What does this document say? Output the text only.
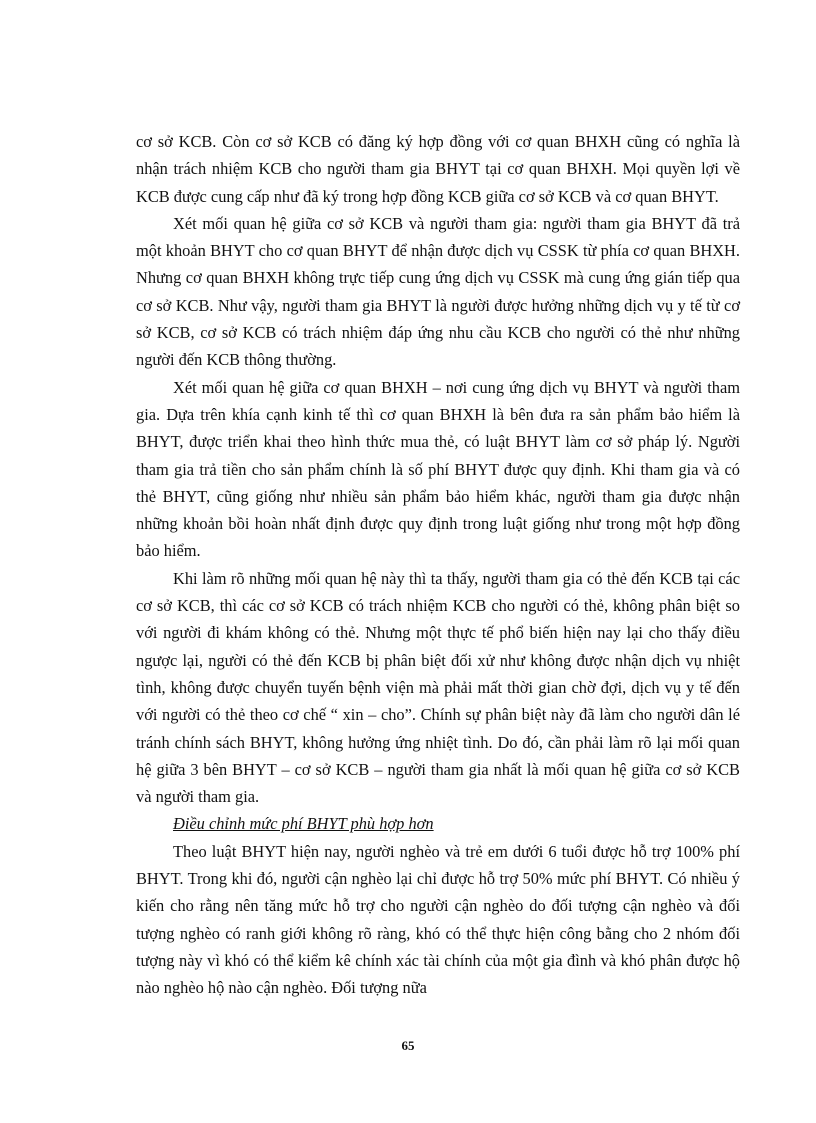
cơ sở KCB. Còn cơ sở KCB có đăng ký hợp đồng với cơ quan BHXH cũng có nghĩa là nhận trách nhiệm KCB cho người tham gia BHYT tại cơ quan BHXH. Mọi quyền lợi về KCB được cung cấp như đã ký trong hợp đồng KCB giữa cơ sở KCB và cơ quan BHYT.

Xét mối quan hệ giữa cơ sở KCB và người tham gia: người tham gia BHYT đã trả một khoản BHYT cho cơ quan BHYT để nhận được dịch vụ CSSK từ phía cơ quan BHXH. Nhưng cơ quan BHXH không trực tiếp cung ứng dịch vụ CSSK mà cung ứng gián tiếp qua cơ sở KCB. Như vậy, người tham gia BHYT là người được hưởng những dịch vụ y tế từ cơ sở KCB, cơ sở KCB có trách nhiệm đáp ứng nhu cầu KCB cho người có thẻ như những người đến KCB thông thường.

Xét mối quan hệ giữa cơ quan BHXH – nơi cung ứng dịch vụ BHYT và người tham gia. Dựa trên khía cạnh kinh tế thì cơ quan BHXH là bên đưa ra sản phẩm bảo hiểm là BHYT, được triển khai theo hình thức mua thẻ, có luật BHYT làm cơ sở pháp lý. Người tham gia trả tiền cho sản phẩm chính là số phí BHYT được quy định. Khi tham gia và có thẻ BHYT, cũng giống như nhiều sản phẩm bảo hiểm khác, người tham gia được nhận những khoản bồi hoàn nhất định được quy định trong luật giống như trong một hợp đồng bảo hiểm.

Khi làm rõ những mối quan hệ này thì ta thấy, người tham gia có thẻ đến KCB tại các cơ sở KCB, thì các cơ sở KCB có trách nhiệm KCB cho người có thẻ, không phân biệt so với người đi khám không có thẻ. Nhưng một thực tế phổ biến hiện nay lại cho thấy điều ngược lại, người có thẻ đến KCB bị phân biệt đối xử như không được nhận dịch vụ nhiệt tình, không được chuyển tuyến bệnh viện mà phải mất thời gian chờ đợi, dịch vụ y tế đến với người có thẻ theo cơ chế “ xin – cho”. Chính sự phân biệt này đã làm cho người dân lé tránh chính sách BHYT, không hưởng ứng nhiệt tình. Do đó, cần phải làm rõ lại mối quan hệ giữa 3 bên BHYT – cơ sở KCB – người tham gia nhất là mối quan hệ giữa cơ sở KCB và người tham gia.

Điều chỉnh mức phí BHYT phù hợp hơn

Theo luật BHYT hiện nay, người nghèo và trẻ em dưới 6 tuổi được hỗ trợ 100% phí BHYT. Trong khi đó, người cận nghèo lại chỉ được hỗ trợ 50% mức phí BHYT. Có nhiều ý kiến cho rằng nên tăng mức hỗ trợ cho người cận nghèo do đối tượng cận nghèo và đối tượng nghèo có ranh giới không rõ ràng, khó có thể thực hiện công bằng cho 2 nhóm đối tượng này vì khó có thể kiểm kê chính xác tài chính của một gia đình và khó phân được hộ nào nghèo hộ nào cận nghèo. Đối tượng nữa

65
